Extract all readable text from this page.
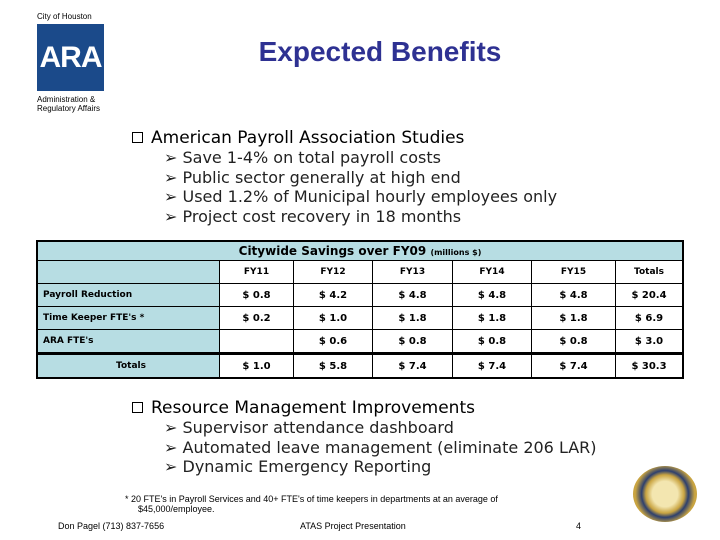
City of Houston
ARA
Administration &
Regulatory Affairs
Expected Benefits
American Payroll Association Studies
➢ Save 1-4% on total payroll costs
➢ Public sector generally at high end
➢ Used 1.2% of Municipal hourly employees only
➢ Project cost recovery in 18 months
Citywide Savings over FY09 (millions $)						
	FY11	FY12	FY13	FY14	FY15	Totals
Payroll Reduction	$ 0.8	$ 4.2	$ 4.8	$ 4.8	$ 4.8	$ 20.4
Time Keeper FTE's *	$ 0.2	$ 1.0	$ 1.8	$ 1.8	$ 1.8	$ 6.9
ARA FTE's		$ 0.6	$ 0.8	$ 0.8	$ 0.8	$ 3.0
Totals	$ 1.0	$ 5.8	$ 7.4	$ 7.4	$ 7.4	$ 30.3
Resource Management Improvements
➢ Supervisor attendance dashboard
➢ Automated leave management (eliminate 206 LAR)
➢ Dynamic Emergency Reporting
* 20 FTE's in Payroll Services and 40+ FTE's of time keepers in departments at an average of
$45,000/employee.
Don Pagel (713) 837-7656	ATAS Project Presentation	4
